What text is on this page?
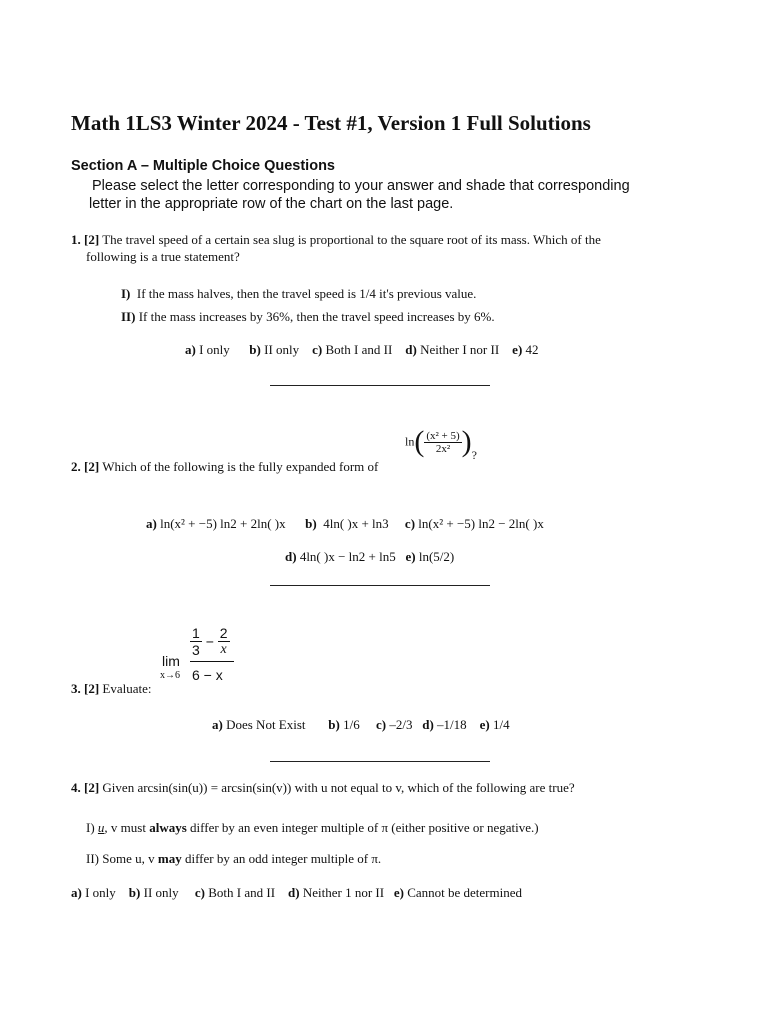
Math 1LS3 Winter 2024 - Test #1, Version 1 Full Solutions
Section A – Multiple Choice Questions
Please select the letter corresponding to your answer and shade that corresponding
letter in the appropriate row of the chart on the last page.
1. [2] The travel speed of a certain sea slug is proportional to the square root of its mass. Which of the
following is a true statement?
I) If the mass halves, then the travel speed is 1/4 it's previous value.
II) If the mass increases by 36%, then the travel speed increases by 6%.
a) I only b) II only c) Both I and II d) Neither I nor II e) 42
$\ln( \frac{\text{(x² + 5)}}{\text{2x²}}$ )?
2. [2] Which of the following is the fully expanded form of
a) ln(x² + −5) ln2 + 2ln( )x b) 4ln( )x + ln3 c) ln(x² + −5) ln2 − 2ln( )x
d) 4ln( )x − ln2 + ln5 e) ln(5/2)
lim
x→6
$\frac{1}{3} - \frac{2}{x}$
6 − x
3. [2] Evaluate:
a) Does Not Exist b) 1/6 c) –2/3 d) –1/18 e) 1/4
4. [2] Given arcsin(sin(u)) = arcsin(sin(v)) with u not equal to v, which of the following are true?
I) u, v must always differ by an even integer multiple of π (either positive or negative.)
II) Some u, v may differ by an odd integer multiple of π.
a) I only b) II only c) Both I and II d) Neither 1 nor II e) Cannot be determined
